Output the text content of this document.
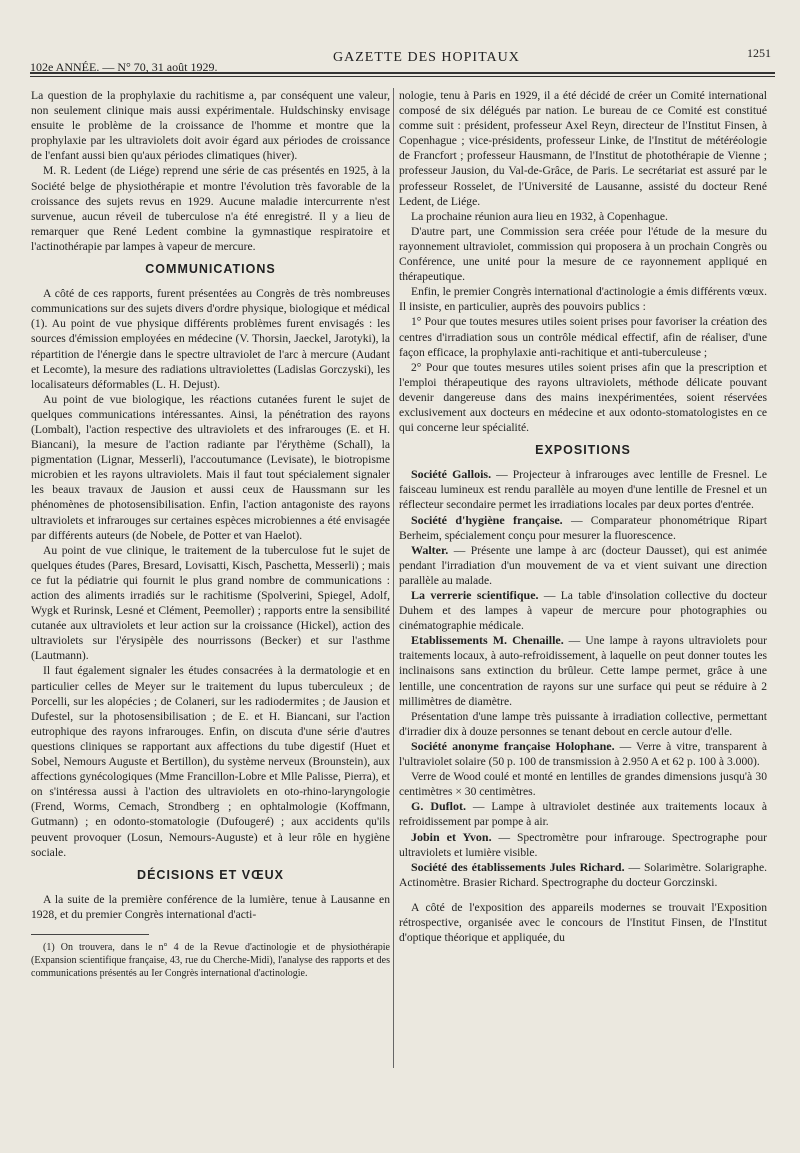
102e ANNÉE. — N° 70, 31 août 1929.
GAZETTE DES HOPITAUX	1251

La question de la prophylaxie du rachitisme a, par conséquent une valeur, non seulement clinique mais aussi expérimentale. Huldschinsky envisage ensuite le problème de la croissance de l'homme et montre que la prophylaxie par les ultraviolets doit avoir égard aux périodes de croissance de l'enfant aussi bien qu'aux périodes climatiques (hiver).

M. R. Ledent (de Liége) reprend une série de cas présentés en 1925, à la Société belge de physiothérapie et montre l'évolution très favorable de la croissance des sujets revus en 1929. Aucune maladie intercurrente n'est survenue, aucun réveil de tuberculose n'a été enregistré. Il y a lieu de remarquer que René Ledent combine la gymnastique respiratoire et l'actinothérapie par lampes à vapeur de mercure.

COMMUNICATIONS

A côté de ces rapports, furent présentées au Congrès de très nombreuses communications sur des sujets divers d'ordre physique, biologique et médical (1). Au point de vue physique différents problèmes furent envisagés : les sources d'émission employées en médecine (V. Thorsin, Jaeckel, Jarotyki), la répartition de l'énergie dans le spectre ultraviolet de l'arc à mercure (Audant et Lecomte), la mesure des radiations ultraviolettes (Ladislas Gorczyski), les localisateurs déformables (L. H. Dejust).

Au point de vue biologique, les réactions cutanées furent le sujet de quelques communications intéressantes. Ainsi, la pénétration des rayons (Lombalt), l'action respective des ultraviolets et des infrarouges (E. et H. Biancani), la mesure de l'action radiante par l'érythème (Schall), la pigmentation (Lignar, Messerli), l'accoutumance (Levisate), le biotropisme microbien et les rayons ultraviolets. Mais il faut tout spécialement signaler les beaux travaux de Jausion et aussi ceux de Haussmann sur les phénomènes de photosensibilisation. Enfin, l'action antagoniste des rayons ultraviolets et infrarouges sur certaines espèces microbiennes a été envisagée par différents auteurs (de Nobele, de Potter et van Haelot).

Au point de vue clinique, le traitement de la tuberculose fut le sujet de quelques études (Pares, Bresard, Lovisatti, Kisch, Paschetta, Messerli) ; mais ce fut la pédiatrie qui fournit le plus grand nombre de communications : action des aliments irradiés sur le rachitisme (Spolverini, Spiegel, Adolf, Wygk et Rurinsk, Lesné et Clément, Peemoller) ; rapports entre la sensibilité cutanée aux ultraviolets et leur action sur la croissance (Hickel), action des ultraviolets sur l'érysipèle des nourrissons (Becker) et sur l'asthme (Lautmann).

Il faut également signaler les études consacrées à la dermatologie et en particulier celles de Meyer sur le traitement du lupus tuberculeux ; de Porcelli, sur les alopécies ; de Colaneri, sur les radiodermites ; de Jausion et Dufestel, sur la photosensibilisation ; de E. et H. Biancani, sur l'action eutrophique des rayons infrarouges. Enfin, on discuta d'une série d'autres questions cliniques se rapportant aux affections du tube digestif (Huet et Sobel, Nemours Auguste et Bertillon), du système nerveux (Brounstein), aux affections gynécologiques (Mme Francillon-Lobre et Mlle Palisse, Pierra), et on s'intéressa aussi à l'action des ultraviolets en oto-rhino-laryngologie (Frend, Worms, Cemach, Strondberg ; en ophtalmologie (Koffmann, Gutmann) ; en odonto-stomatologie (Dufougeré) ; aux accidents qu'ils peuvent provoquer (Losun, Nemours-Auguste) et à leur rôle en hygiène sociale.

DÉCISIONS ET VŒUX

A la suite de la première conférence de la lumière, tenue à Lausanne en 1928, et du premier Congrès international d'acti-

(1) On trouvera, dans le n° 4 de la Revue d'actinologie et de physiothérapie (Expansion scientifique française, 43, rue du Cherche-Midi), l'analyse des rapports et des communications présentés au Ier Congrès international d'actinologie.

nologie, tenu à Paris en 1929, il a été décidé de créer un Comité international composé de six délégués par nation. Le bureau de ce Comité est constitué comme suit : président, professeur Axel Reyn, directeur de l'Institut Finsen, à Copenhague ; vice-présidents, professeur Linke, de l'Institut de météréologie de Francfort ; professeur Hausmann, de l'Institut de photothérapie de Vienne ; professeur Jausion, du Val-de-Grâce, de Paris. Le secrétariat est assuré par le professeur Rosselet, de l'Université de Lausanne, assisté du docteur René Ledent, de Liége.

La prochaine réunion aura lieu en 1932, à Copenhague.

D'autre part, une Commission sera créée pour l'étude de la mesure du rayonnement ultraviolet, commission qui proposera à un prochain Congrès ou Conférence, une unité pour la mesure de ce rayonnement appliqué en thérapeutique.

Enfin, le premier Congrès international d'actinologie a émis différents vœux. Il insiste, en particulier, auprès des pouvoirs publics :

1° Pour que toutes mesures utiles soient prises pour favoriser la création des centres d'irradiation sous un contrôle médical effectif, afin de réaliser, d'une façon efficace, la prophylaxie anti-rachitique et anti-tuberculeuse ;

2° Pour que toutes mesures utiles soient prises afin que la prescription et l'emploi thérapeutique des rayons ultraviolets, méthode délicate pouvant devenir dangereuse dans des mains inexpérimentées, soient réservées exclusivement aux docteurs en médecine et aux odonto-stomatologistes en ce qui concerne leur spécialité.

EXPOSITIONS

Société Gallois. — Projecteur à infrarouges avec lentille de Fresnel. Le faisceau lumineux est rendu parallèle au moyen d'une lentille de Fresnel et un réflecteur secondaire permet les irradiations locales par deux portes d'entrée.

Société d'hygiène française. — Comparateur phonométrique Ripart Berheim, spécialement conçu pour mesurer la fluorescence.

Walter. — Présente une lampe à arc (docteur Dausset), qui est animée pendant l'irradiation d'un mouvement de va et vient suivant une direction parallèle au malade.

La verrerie scientifique. — La table d'insolation collective du docteur Duhem et des lampes à vapeur de mercure pour photographies ou cinématographie médicale.

Etablissements M. Chenaille. — Une lampe à rayons ultraviolets pour traitements locaux, à auto-refroidissement, à laquelle on peut donner toutes les inclinaisons sans extinction du brûleur. Cette lampe permet, grâce à une lentille, une concentration de rayons sur une surface qui peut se réduire à 2 millimètres de diamètre.

Présentation d'une lampe très puissante à irradiation collective, permettant d'irradier dix à douze personnes se tenant debout en cercle autour d'elle.

Société anonyme française Holophane. — Verre à vitre, transparent à l'ultraviolet solaire (50 p. 100 de transmission à 2.950 A et 62 p. 100 à 3.000).

Verre de Wood coulé et monté en lentilles de grandes dimensions jusqu'à 30 centimètres × 30 centimètres.

G. Duflot. — Lampe à ultraviolet destinée aux traitements locaux à refroidissement par pompe à air.

Jobin et Yvon. — Spectromètre pour infrarouge. Spectrographe pour ultraviolets et lumière visible.

Société des établissements Jules Richard. — Solarimètre. Solarigraphe. Actinomètre. Brasier Richard. Spectrographe du docteur Gorczinski.

A côté de l'exposition des appareils modernes se trouvait l'Exposition rétrospective, organisée avec le concours de l'Institut Finsen, de l'Institut d'optique théorique et appliquée, du
